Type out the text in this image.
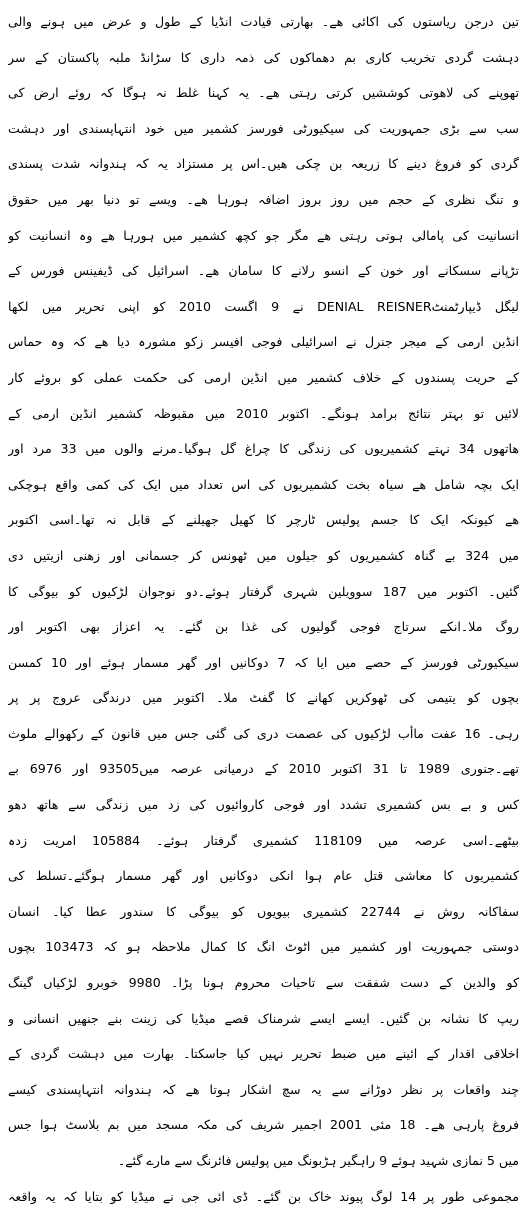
تین درجن ریاستوں کی اکائی ھے۔ بھارتی قیادت انڈیا کے طول و عرض میں ہونے والی
دہشت گردی تخریب کاری بم دھماکوں کی ذمہ داری کا سڑانڈ ملبہ پاکستان کے سر
تھوپنے کی لاھوتی کوششیں کرتی رہتی ھے۔ یہ کہنا غلط نہ ہوگا کہ روئے ارض کی
سب سے بڑی جمہوریت کی سیکیورٹی فورسز کشمیر میں خود انتہاپسندی اور دہشت
گردی کو فروغ دینے کا زریعہ بن چکی ھیں۔اس پر مستزاد یہ کہ ہندوانہ شدت پسندی
و تنگ نظری کے حجم میں روز بروز اضافہ ہورہا ھے۔ ویسے تو دنیا بھر میں حقوق
انسانیت کی پامالی ہوتی رہتی ھے مگر جو کچھ کشمیر میں ہورہا ھے وہ انسانیت کو
تڑپانے سسکانے اور خون کے انسو رلانے کا سامان ھے۔ اسرائیل کی ڈیفینس فورس کے
لیگل ڈیپارٹمنٹDENIAL REISNER نے 9 اگست 2010 کو اپنی تحریر میں لکھا
انڈین ارمی کے میجر جنرل نے اسرائیلی فوجی افیسر زکو مشورہ دیا ھے کہ وہ حماس
کے حریت پسندوں کے خلاف کشمیر میں انڈین ارمی کی حکمت عملی کو بروئے کار
لائیں تو بہتر نتائج برامد ہونگے۔ اکتوبر 2010 میں مقبوظہ کشمیر انڈین ارمی کے
ھاتھوں 34 نہتے کشمیریوں کی زندگی کا چراغ گل ہوگیا۔مرنے والوں میں 33 مرد اور
ایک بچہ شامل ھے سیاہ بخت کشمیریوں کی اس تعداد میں ایک کی کمی واقع ہوچکی
ھے کیونکہ ایک کا جسم پولیس ٹارچر کا کھیل جھیلنے کے قابل نہ تھا۔اسی اکتوبر
میں 324 بے گناہ کشمیریوں کو جیلوں میں ٹھونس کر جسمانی اور زھنی ازیتیں دی
گئیں۔ اکتوبر میں 187 سوویلین شہری گرفتار ہوئے۔دو نوجوان لڑکیوں کو بیوگی کا
روگ ملا۔انکے سرتاج فوجی گولیوں کی غذا بن گئے۔ یہ اعزاز بھی اکتوبر اور
سیکیورٹی فورسز کے حصے میں ایا کہ 7 دوکانیں اور گھر مسمار ہوئے اور 10 کمسن
بچوں کو یتیمی کی ٹھوکریں کھانے کا گفٹ ملا۔ اکتوبر میں درندگی عروج پر پر
رہی۔ 16 عفت ماأب لڑکیوں کی عصمت دری کی گئی جس میں قانون کے رکھوالے ملوث
تھے۔جنوری 1989 تا 31 اکتوبر 2010 کے درمیانی عرصہ میں93505 اور 6976 بے
کس و بے بس کشمیری تشدد اور فوجی کاروائیوں کی زد میں زندگی سے ھاتھ دھو
بیٹھے۔اسی عرصہ میں 118109 کشمیری گرفتار ہوئے۔ 105884 امریت زدہ
کشمیریوں کا معاشی قتل عام ہوا انکی دوکانیں اور گھر مسمار ہوگئے۔تسلط کی
سفاکانہ روش نے 22744 کشمیری بیویوں کو بیوگی کا سندور عطا کیا۔ انسان
دوستی جمہوریت اور کشمیر میں اٹوٹ انگ کا کمال ملاحظہ ہو کہ 103473 بچوں
کو والدین کے دست شفقت سے تاحیات محروم ہونا پڑا۔ 9980 خوبرو لڑکیاں گینگ
ریپ کا نشانہ بن گئیں۔ ایسے ایسے شرمناک قصے میڈیا کی زینت بنے جنھیں انسانی و
اخلاقی اقدار کے ائینے میں ضبط تحریر نہیں کیا جاسکتا۔ بھارت میں دہشت گردی کے
چند واقعات پر نظر دوڑانے سے یہ سچ اشکار ہوتا ھے کہ ہندوانہ انتہاپسندی کیسے
فروغ پارہی ھے۔ 18 مئی 2001 اجمیر شریف کی مکہ مسجد میں بم بلاسٹ ہوا جس
میں 5 نمازی شہید ہوئے 9 راہگیر ہڑبونگ میں پولیس فائرنگ سے مارے گئے۔
مجموعی طور پر 14 لوگ پیوند خاک بن گئے۔ ڈی ائی جی نے میڈیا کو بتایا کہ یہ واقعہ
